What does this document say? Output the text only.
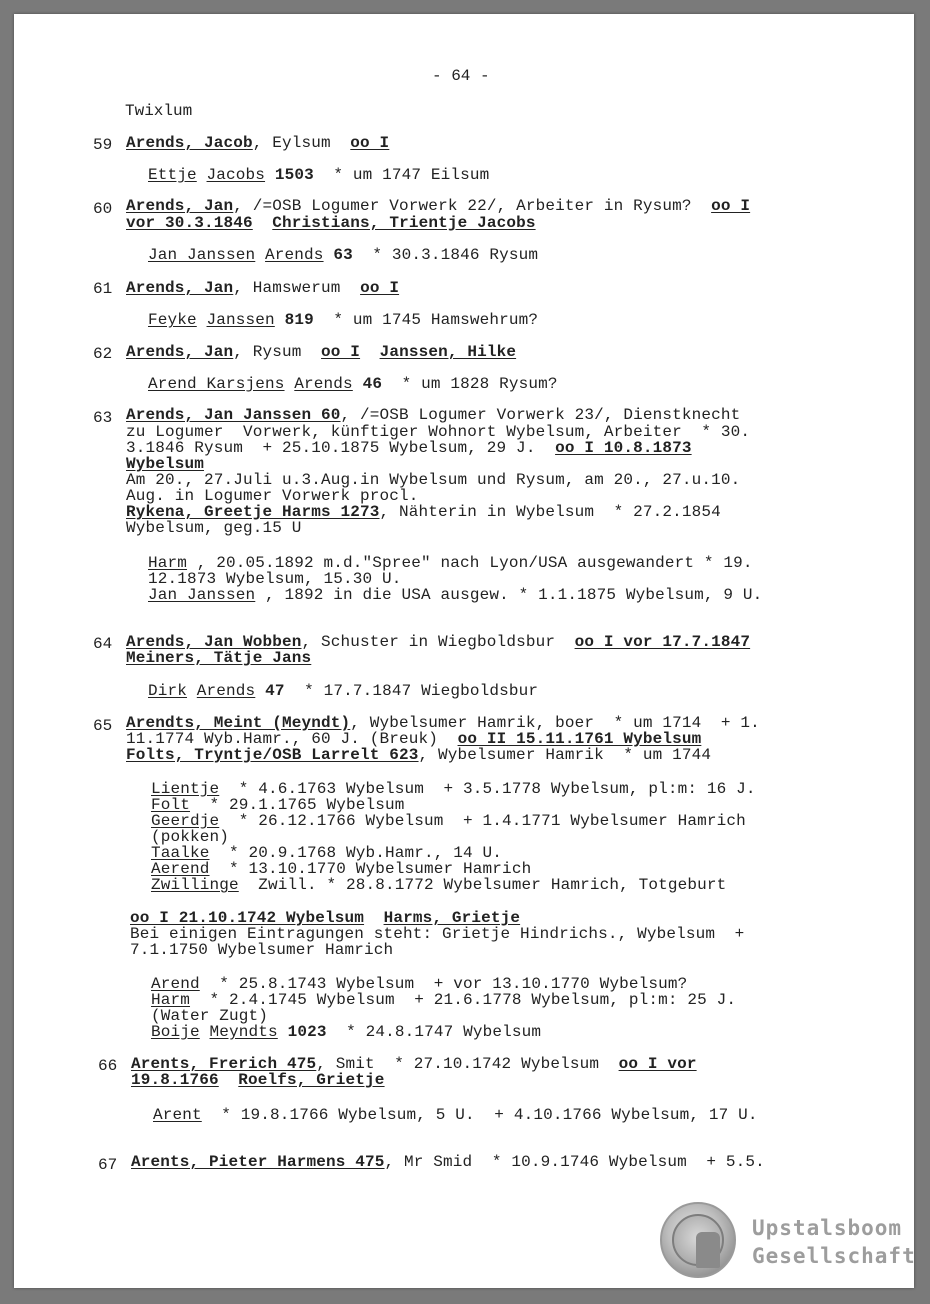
- 64 -
Twixlum
59 Arends, Jacob, Eylsum  oo I
Ettje Jacobs 1503  * um 1747 Eilsum
60 Arends, Jan, /=OSB Logumer Vorwerk 22/, Arbeiter in Rysum?  oo I
vor 30.3.1846 Christians, Trientje Jacobs
Jan Janssen Arends 63  * 30.3.1846 Rysum
61 Arends, Jan, Hamswerum  oo I
Feyke Janssen 819  * um 1745 Hamswehrum?
62 Arends, Jan, Rysum  oo I Janssen, Hilke
Arend Karsjens Arends 46  * um 1828 Rysum?
63 Arends, Jan Janssen 60, /=OSB Logumer Vorwerk 23/, Dienstknecht
zu Logumer  Vorwerk, künftiger Wohnort Wybelsum, Arbeiter  * 30.
3.1846 Rysum  + 25.10.1875 Wybelsum, 29 J.  oo I 10.8.1873
Wybelsum
Am 20., 27.Juli u.3.Aug.in Wybelsum und Rysum, am 20., 27.u.10.
Aug. in Logumer Vorwerk procl.
Rykena, Greetje Harms 1273, Nähterin in Wybelsum  * 27.2.1854
Wybelsum, geg.15 U
Harm , 20.05.1892 m.d."Spree" nach Lyon/USA ausgewandert * 19.
12.1873 Wybelsum, 15.30 U.
Jan Janssen , 1892 in die USA ausgew. * 1.1.1875 Wybelsum, 9 U.
64 Arends, Jan Wobben, Schuster in Wiegboldsbur  oo I vor 17.7.1847
Meiners, Tätje Jans
Dirk Arends 47  * 17.7.1847 Wiegboldsbur
65 Arendts, Meint (Meyndt), Wybelsumer Hamrik, boer  * um 1714  + 1.
11.1774 Wyb.Hamr., 60 J. (Breuk)  oo II 15.11.1761 Wybelsum
Folts, Tryntje/OSB Larrelt 623, Wybelsumer Hamrik  * um 1744
Lientje  * 4.6.1763 Wybelsum  + 3.5.1778 Wybelsum, pl:m: 16 J.
Folt  * 29.1.1765 Wybelsum
Geerdje  * 26.12.1766 Wybelsum  + 1.4.1771 Wybelsumer Hamrich
(pokken)
Taalke  * 20.9.1768 Wyb.Hamr., 14 U.
Aerend  * 13.10.1770 Wybelsumer Hamrich
Zwillinge  Zwill. * 28.8.1772 Wybelsumer Hamrich, Totgeburt
oo I 21.10.1742 Wybelsum Harms, Grietje
Bei einigen Eintragungen steht: Grietje Hindrichs., Wybelsum  +
7.1.1750 Wybelsumer Hamrich
Arend  * 25.8.1743 Wybelsum  + vor 13.10.1770 Wybelsum?
Harm  * 2.4.1745 Wybelsum  + 21.6.1778 Wybelsum, pl:m: 25 J.
(Water Zugt)
Boije Meyndts 1023  * 24.8.1747 Wybelsum
66 Arents, Frerich 475, Smit  * 27.10.1742 Wybelsum  oo I vor
19.8.1766 Roelfs, Grietje
Arent  * 19.8.1766 Wybelsum, 5 U.  + 4.10.1766 Wybelsum, 17 U.
67 Arents, Pieter Harmens 475, Mr Smid  * 10.9.1746 Wybelsum  + 5.5.
Upstalsboom
Gesellschaft
